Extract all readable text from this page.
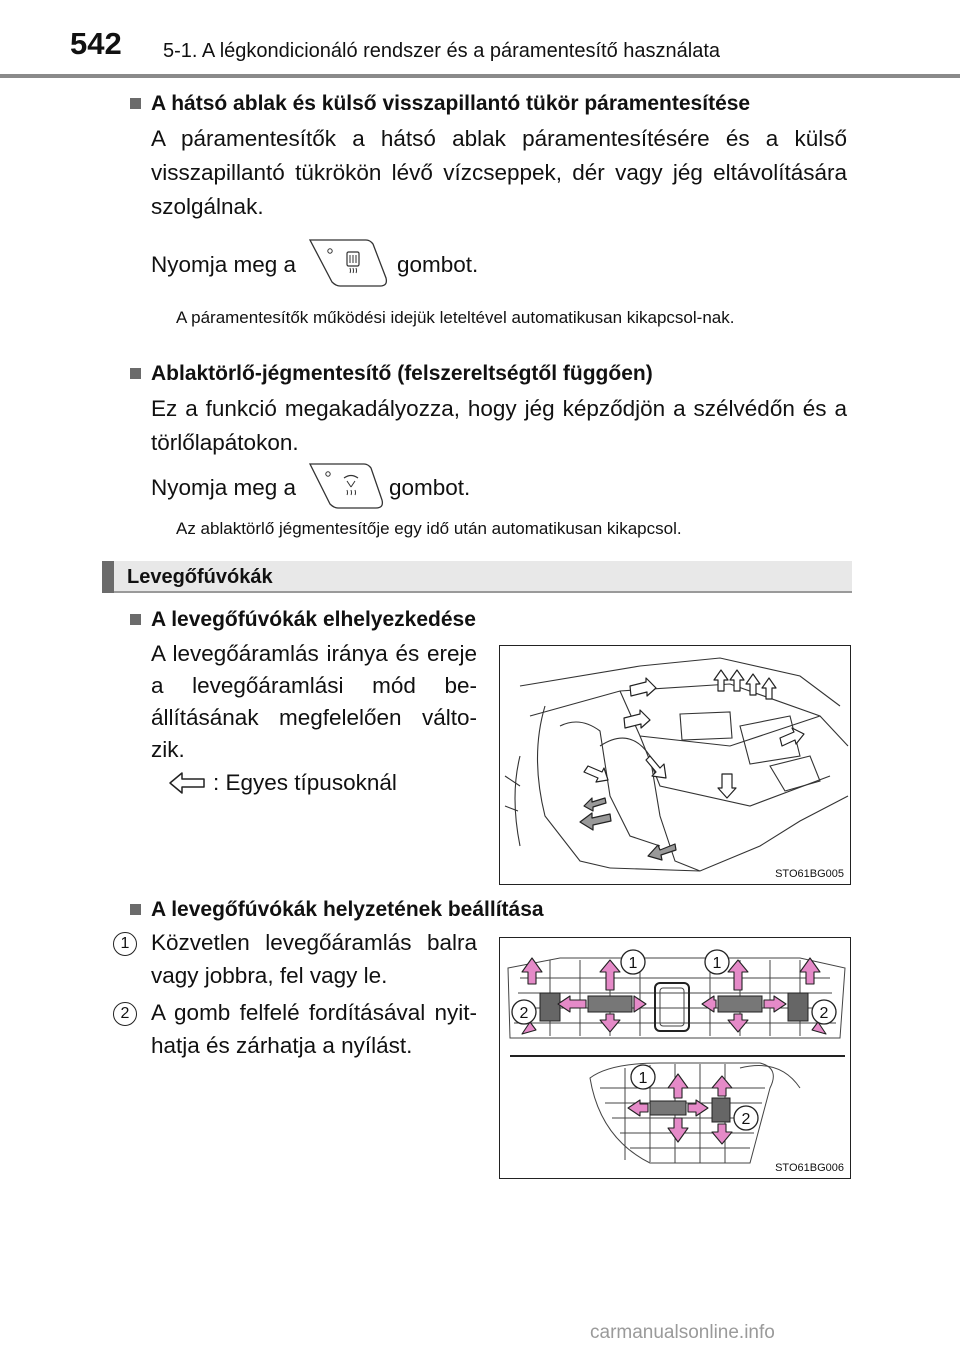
542 5-1. A légkondicionáló rendszer és a páramentesítő használata
A hátsó ablak és külső visszapillantó tükör páramentesítése
A páramentesítők a hátsó ablak páramentesítésére és a külső visszapillantó tükrökön lévő vízcseppek, dér vagy jég eltávolítására szolgálnak.
Nyomja meg a	gombot.
A páramentesítők működési idejük leteltével automatikusan kikapcsol-nak.
Ablaktörlő-jégmentesítő (felszereltségtől függően)
Ez a funkció megakadályozza, hogy jég képződjön a szélvédőn és a törlőlapátokon.
Nyomja meg a	gombot.
Az ablaktörlő jégmentesítője egy idő után automatikusan kikapcsol.
Levegőfúvókák
A levegőfúvókák elhelyezkedése
A levegőáramlás iránya és ereje a levegőáramlási mód be-állításának megfelelően válto-zik.
: Egyes típusoknál
STO61BG005
A levegőfúvókák helyzetének beállítása
1 Közvetlen levegőáramlás balra vagy jobbra, fel vagy le.
2 A gomb felfelé fordításával nyit-hatja és zárhatja a nyílást.
1	1
2	2
1
2
STO61BG006
carmanualsonline.info
